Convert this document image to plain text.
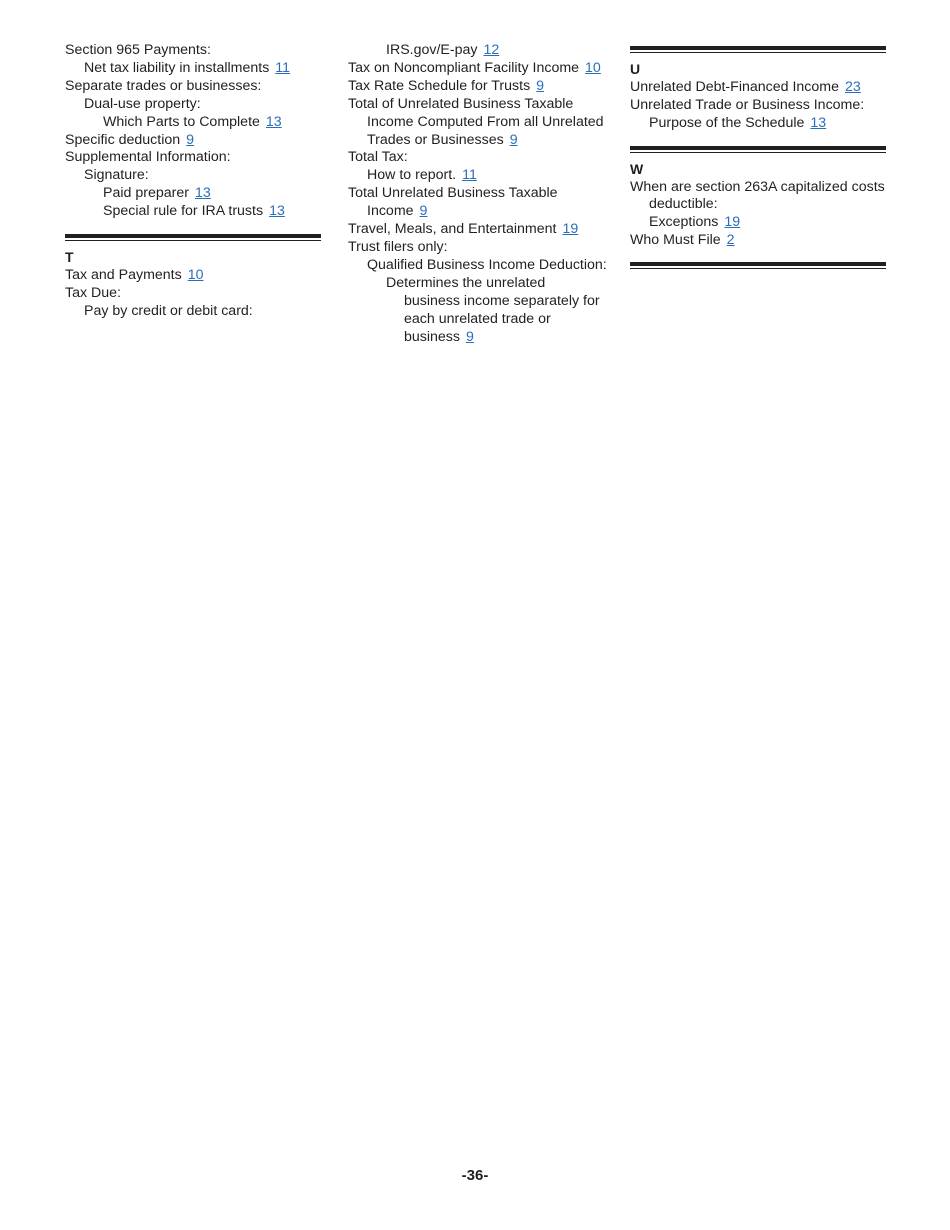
Section 965 Payments:
Net tax liability in installments 11
Separate trades or businesses:
Dual-use property:
Which Parts to Complete 13
Specific deduction 9
Supplemental Information:
Signature:
Paid preparer 13
Special rule for IRA trusts 13
T
Tax and Payments 10
Tax Due:
Pay by credit or debit card:
IRS.gov/E-pay 12
Tax on Noncompliant Facility Income 10
Tax Rate Schedule for Trusts 9
Total of Unrelated Business Taxable Income Computed From all Unrelated Trades or Businesses 9
Total Tax:
How to report. 11
Total Unrelated Business Taxable Income 9
Travel, Meals, and Entertainment 19
Trust filers only:
Qualified Business Income Deduction:
Determines the unrelated business income separately for each unrelated trade or business 9
U
Unrelated Debt-Financed Income 23
Unrelated Trade or Business Income:
Purpose of the Schedule 13
W
When are section 263A capitalized costs deductible:
Exceptions 19
Who Must File 2
-36-
